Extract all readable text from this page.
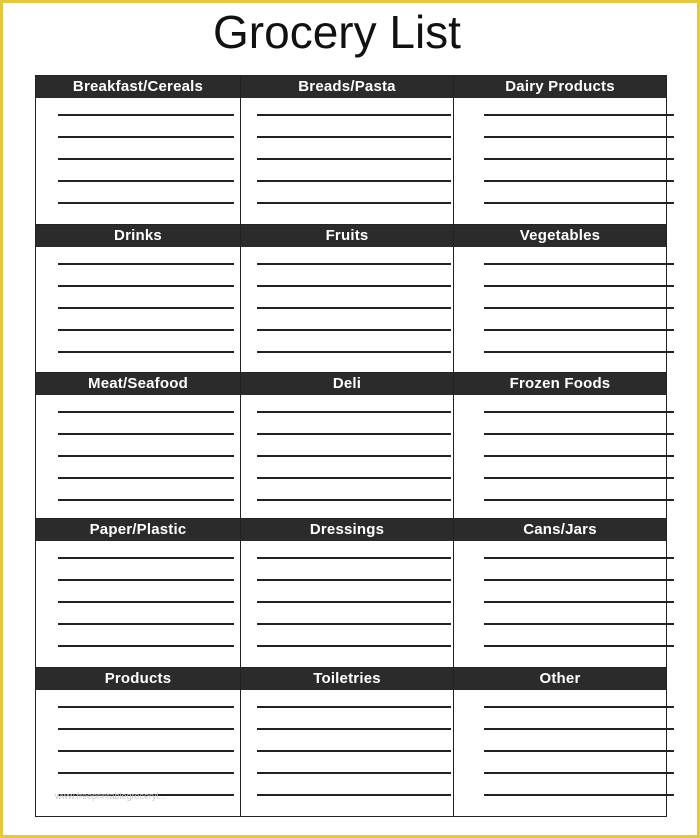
Grocery List
Breakfast/Cereals	Breads/Pasta	Dairy Products
Drinks	Fruits	Vegetables
Meat/Seafood	Deli	Frozen Foods
Paper/Plastic	Dressings	Cans/Jars
Products	Toiletries	Other
www.freeprintablegroceryl...
